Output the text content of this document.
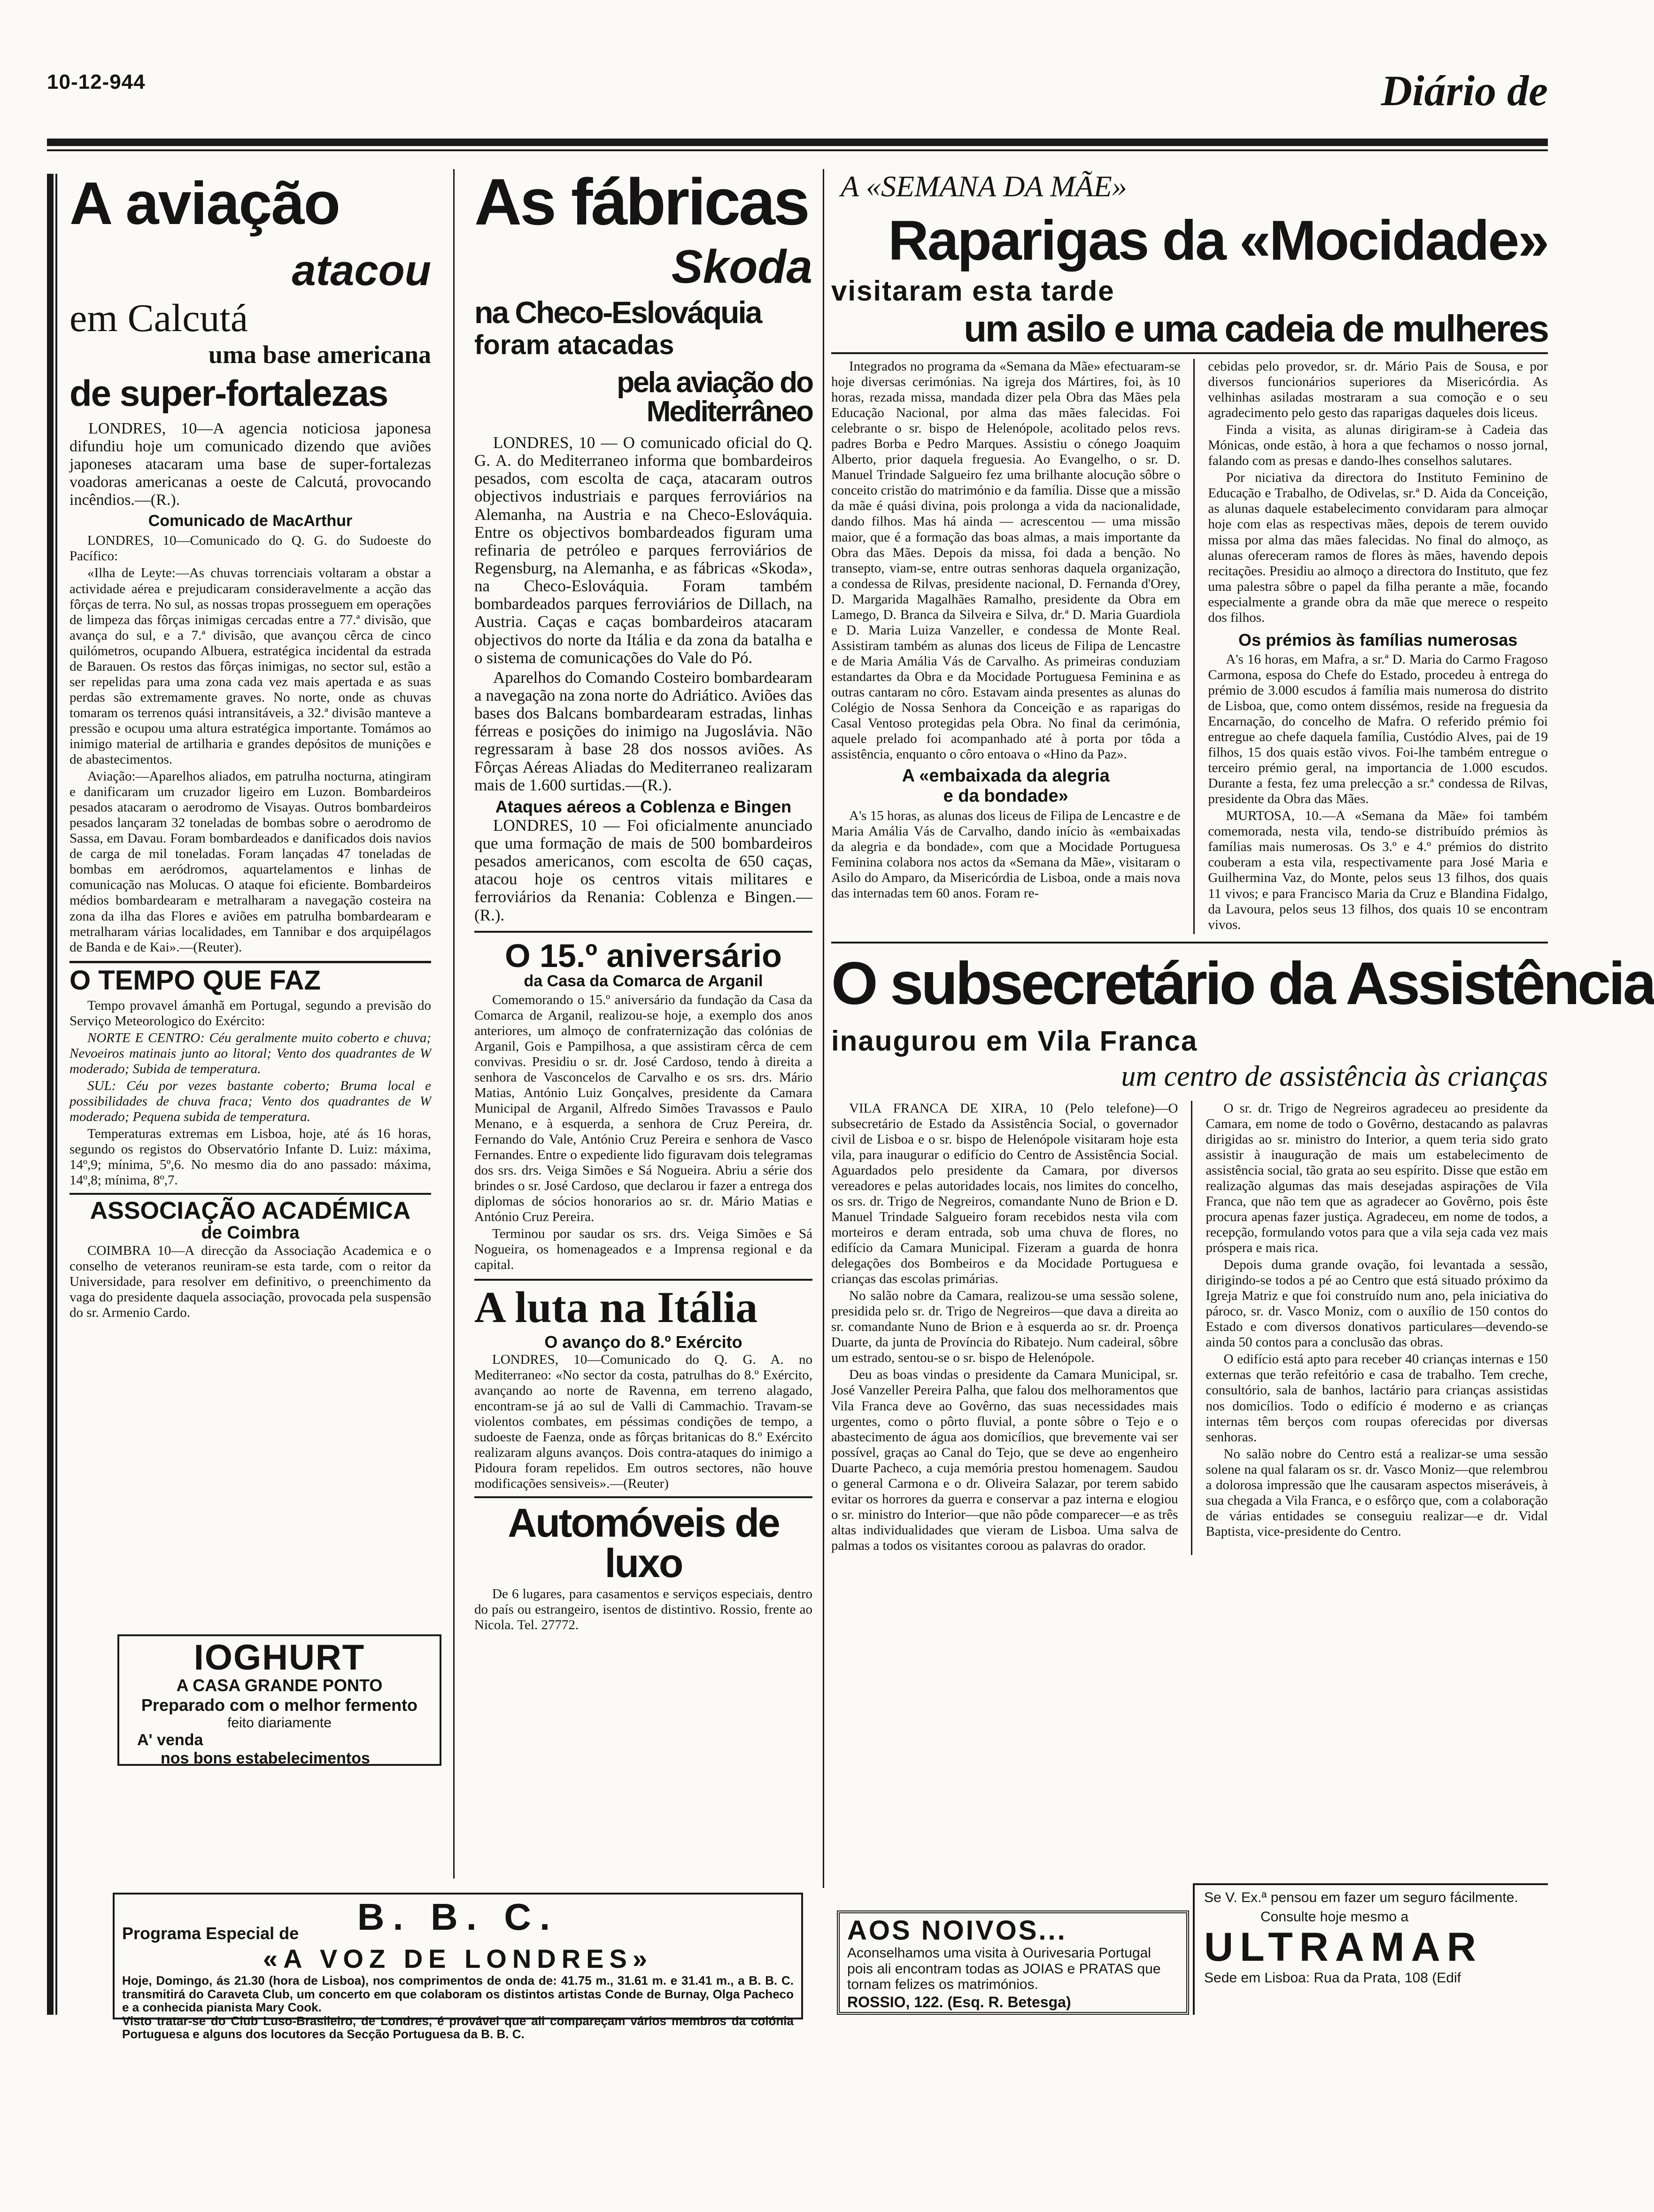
10-12-944	Diário de
A aviação
atacou
em Calcutá
uma base americana
de super-fortalezas

LONDRES, 10—A agencia noticiosa japonesa difundiu hoje um comunicado dizendo que aviões japoneses atacaram uma base de super-fortalezas voadoras americanas a oeste de Calcutá, provocando incêndios.—(R.).

Comunicado de MacArthur

LONDRES, 10—Comunicado do Q. G. do Sudoeste do Pacífico:

«Ilha de Leyte:—As chuvas torrenciais voltaram a obstar a actividade aérea e prejudicaram consideravelmente a acção das fôrças de terra. No sul, as nossas tropas prosseguem em operações de limpeza das fôrças inimigas cercadas entre a 77.ª divisão, que avança do sul, e a 7.ª divisão, que avançou cêrca de cinco quilómetros, ocupando Albuera, estratégica incidental da estrada de Barauen. Os restos das fôrças inimigas, no sector sul, estão a ser repelidas para uma zona cada vez mais apertada e as suas perdas são extremamente graves. No norte, onde as chuvas tomaram os terrenos quási intransitáveis, a 32.ª divisão manteve a pressão e ocupou uma altura estratégica importante. Tomámos ao inimigo material de artilharia e grandes depósitos de munições e de abastecimentos.

Aviação:—Aparelhos aliados, em patrulha nocturna, atingiram e danificaram um cruzador ligeiro em Luzon. Bombardeiros pesados atacaram o aerodromo de Visayas. Outros bombardeiros pesados lançaram 32 toneladas de bombas sobre o aerodromo de Sassa, em Davau. Foram bombardeados e danificados dois navios de carga de mil toneladas. Foram lançadas 47 toneladas de bombas em aeródromos, aquartelamentos e linhas de comunicação nas Molucas. O ataque foi eficiente. Bombardeiros médios bombardearam e metralharam a navegação costeira na zona da ilha das Flores e aviões em patrulha bombardearam e metralharam várias localidades, em Tannibar e dos arquipélagos de Banda e de Kai».—(Reuter).

O TEMPO QUE FAZ

Tempo provavel ámanhã em Portugal, segundo a previsão do Serviço Meteorologico do Exército:

NORTE E CENTRO: Céu geralmente muito coberto e chuva; Nevoeiros matinais junto ao litoral; Vento dos quadrantes de W moderado; Subida de temperatura.

SUL: Céu por vezes bastante coberto; Bruma local e possibilidades de chuva fraca; Vento dos quadrantes de W moderado; Pequena subida de temperatura.

Temperaturas extremas em Lisboa, hoje, até ás 16 horas, segundo os registos do Observatório Infante D. Luiz: máxima, 14º,9; mínima, 5º,6. No mesmo dia do ano passado: máxima, 14º,8; mínima, 8º,7.

ASSOCIAÇÃO ACADÉMICA
de Coimbra

COIMBRA 10—A direcção da Associação Academica e o conselho de veteranos reuniram-se esta tarde, com o reitor da Universidade, para resolver em definitivo, o preenchimento da vaga do presidente daquela associação, provocada pela suspensão do sr. Armenio Cardo.

IOGHURT
A CASA GRANDE PONTO
Preparado com o melhor fermento
feito diariamente
A' venda
nos bons estabelecimentos
As fábricas
Skoda
na Checo-Eslováquia
foram atacadas
pela aviação do Mediterrâneo

LONDRES, 10 — O comunicado oficial do Q. G. A. do Mediterraneo informa que bombardeiros pesados, com escolta de caça, atacaram outros objectivos industriais e parques ferroviários na Alemanha, na Austria e na Checo-Eslováquia. Entre os objectivos bombardeados figuram uma refinaria de petróleo e parques ferroviários de Regensburg, na Alemanha, e as fábricas «Skoda», na Checo-Eslováquia. Foram também bombardeados parques ferroviários de Dillach, na Austria. Caças e caças bombardeiros atacaram objectivos do norte da Itália e da zona da batalha e o sistema de comunicações do Vale do Pó.

Aparelhos do Comando Costeiro bombardearam a navegação na zona norte do Adriático. Aviões das bases dos Balcans bombardearam estradas, linhas férreas e posições do inimigo na Jugoslávia. Não regressaram à base 28 dos nossos aviões. As Fôrças Aéreas Aliadas do Mediterraneo realizaram mais de 1.600 surtidas.—(R.).

Ataques aéreos a Coblenza e Bingen

LONDRES, 10 — Foi oficialmente anunciado que uma formação de mais de 500 bombardeiros pesados americanos, com escolta de 650 caças, atacou hoje os centros vitais militares e ferroviários da Renania: Coblenza e Bingen.—(R.).

O 15.º aniversário
da Casa da Comarca de Arganil

Comemorando o 15.º aniversário da fundação da Casa da Comarca de Arganil, realizou-se hoje, a exemplo dos anos anteriores, um almoço de confraternização das colónias de Arganil, Gois e Pampilhosa, a que assistiram cêrca de cem convivas. Presidiu o sr. dr. José Cardoso, tendo à direita a senhora de Vasconcelos de Carvalho e os srs. drs. Mário Matias, António Luiz Gonçalves, presidente da Camara Municipal de Arganil, Alfredo Simões Travassos e Paulo Menano, e à esquerda, a senhora de Cruz Pereira, dr. Fernando do Vale, António Cruz Pereira e senhora de Vasco Fernandes. Entre o expediente lido figuravam dois telegramas dos srs. drs. Veiga Simões e Sá Nogueira. Abriu a série dos brindes o sr. José Cardoso, que declarou ir fazer a entrega dos diplomas de sócios honorarios ao sr. dr. Mário Matias e António Cruz Pereira.

Terminou por saudar os srs. drs. Veiga Simões e Sá Nogueira, os homenageados e a Imprensa regional e da capital.

A luta na Itália
O avanço do 8.º Exército

LONDRES, 10—Comunicado do Q. G. A. no Mediterraneo: «No sector da costa, patrulhas do 8.º Exército, avançando ao norte de Ravenna, em terreno alagado, encontram-se já ao sul de Valli di Cammachio. Travam-se violentos combates, em péssimas condições de tempo, a sudoeste de Faenza, onde as fôrças britanicas do 8.º Exército realizaram alguns avanços. Dois contra-ataques do inimigo a Pidoura foram repelidos. Em outros sectores, não houve modificações sensiveis».—(Reuter)

Automóveis de luxo

De 6 lugares, para casamentos e serviços especiais, dentro do país ou estrangeiro, isentos de distintivo. Rossio, frente ao Nicola. Tel. 27772.

A «SEMANA DA MÃE»
Raparigas da «Mocidade»
visitaram esta tarde
um asilo e uma cadeia de mulheres

Integrados no programa da «Semana da Mãe» efectuaram-se hoje diversas cerimónias. Na igreja dos Mártires, foi, às 10 horas, rezada missa, mandada dizer pela Obra das Mães pela Educação Nacional, por alma das mães falecidas. Foi celebrante o sr. bispo de Helenópole, acolitado pelos revs. padres Borba e Pedro Marques. Assistiu o cónego Joaquim Alberto, prior daquela freguesia. Ao Evangelho, o sr. D. Manuel Trindade Salgueiro fez uma brilhante alocução sôbre o conceito cristão do matrimónio e da família. Disse que a missão da mãe é quási divina, pois prolonga a vida da nacionalidade, dando filhos. Mas há ainda — acrescentou — uma missão maior, que é a formação das boas almas, a mais importante da Obra das Mães. Depois da missa, foi dada a benção. No transepto, viam-se, entre outras senhoras daquela organização, a condessa de Rilvas, presidente nacional, D. Fernanda d'Orey, D. Margarida Magalhães Ramalho, presidente da Obra em Lamego, D. Branca da Silveira e Silva, dr.ª D. Maria Guardiola e D. Maria Luiza Vanzeller, e condessa de Monte Real. Assistiram também as alunas dos liceus de Filipa de Lencastre e de Maria Amália Vás de Carvalho. As primeiras conduziam estandartes da Obra e da Mocidade Portuguesa Feminina e as outras cantaram no côro. Estavam ainda presentes as alunas do Colégio de Nossa Senhora da Conceição e as raparigas do Casal Ventoso protegidas pela Obra. No final da cerimónia, aquele prelado foi acompanhado até à porta por tôda a assistência, enquanto o côro entoava o «Hino da Paz».

A «embaixada da alegria
e da bondade»

A's 15 horas, as alunas dos liceus de Filipa de Lencastre e de Maria Amália Vás de Carvalho, dando início às «embaixadas da alegria e da bondade», com que a Mocidade Portuguesa Feminina colabora nos actos da «Semana da Mãe», visitaram o Asilo do Amparo, da Misericórdia de Lisboa, onde a mais nova das internadas tem 60 anos. Foram re-

cebidas pelo provedor, sr. dr. Mário Pais de Sousa, e por diversos funcionários superiores da Misericórdia. As velhinhas asiladas mostraram a sua comoção e o seu agradecimento pelo gesto das raparigas daqueles dois liceus.

Finda a visita, as alunas dirigiram-se à Cadeia das Mónicas, onde estão, à hora a que fechamos o nosso jornal, falando com as presas e dando-lhes conselhos salutares.

Por niciativa da directora do Instituto Feminino de Educação e Trabalho, de Odivelas, sr.ª D. Aida da Conceição, as alunas daquele estabelecimento convidaram para almoçar hoje com elas as respectivas mães, depois de terem ouvido missa por alma das mães falecidas. No final do almoço, as alunas ofereceram ramos de flores às mães, havendo depois recitações. Presidiu ao almoço a directora do Instituto, que fez uma palestra sôbre o papel da filha perante a mãe, focando especialmente a grande obra da mãe que merece o respeito dos filhos.

Os prémios às famílias numerosas

A's 16 horas, em Mafra, a sr.ª D. Maria do Carmo Fragoso Carmona, esposa do Chefe do Estado, procedeu à entrega do prémio de 3.000 escudos á família mais numerosa do distrito de Lisboa, que, como ontem dissémos, reside na freguesia da Encarnação, do concelho de Mafra. O referido prémio foi entregue ao chefe daquela família, Custódio Alves, pai de 19 filhos, 15 dos quais estão vivos. Foi-lhe também entregue o terceiro prémio geral, na importancia de 1.000 escudos. Durante a festa, fez uma prelecção a sr.ª condessa de Rilvas, presidente da Obra das Mães.

MURTOSA, 10.—A «Semana da Mãe» foi também comemorada, nesta vila, tendo-se distribuído prémios às famílias mais numerosas. Os 3.º e 4.º prémios do distrito couberam a esta vila, respectivamente para José Maria e Guilhermina Vaz, do Monte, pelos seus 13 filhos, dos quais 11 vivos; e para Francisco Maria da Cruz e Blandina Fidalgo, da Lavoura, pelos seus 13 filhos, dos quais 10 se encontram vivos.

O subsecretário da Assistência
inaugurou em Vila Franca
um centro de assistência às crianças

VILA FRANCA DE XIRA, 10 (Pelo telefone)—O subsecretário de Estado da Assistência Social, o governador civil de Lisboa e o sr. bispo de Helenópole visitaram hoje esta vila, para inaugurar o edifício do Centro de Assistência Social. Aguardados pelo presidente da Camara, por diversos vereadores e pelas autoridades locais, nos limites do concelho, os srs. dr. Trigo de Negreiros, comandante Nuno de Brion e D. Manuel Trindade Salgueiro foram recebidos nesta vila com morteiros e deram entrada, sob uma chuva de flores, no edifício da Camara Municipal. Fizeram a guarda de honra delegações dos Bombeiros e da Mocidade Portuguesa e crianças das escolas primárias.

No salão nobre da Camara, realizou-se uma sessão solene, presidida pelo sr. dr. Trigo de Negreiros—que dava a direita ao sr. comandante Nuno de Brion e à esquerda ao sr. dr. Proença Duarte, da junta de Província do Ribatejo. Num cadeiral, sôbre um estrado, sentou-se o sr. bispo de Helenópole.

Deu as boas vindas o presidente da Camara Municipal, sr. José Vanzeller Pereira Palha, que falou dos melhoramentos que Vila Franca deve ao Govêrno, das suas necessidades mais urgentes, como o pôrto fluvial, a ponte sôbre o Tejo e o abastecimento de água aos domicílios, que brevemente vai ser possível, graças ao Canal do Tejo, que se deve ao engenheiro Duarte Pacheco, a cuja memória prestou homenagem. Saudou o general Carmona e o dr. Oliveira Salazar, por terem sabido evitar os horrores da guerra e conservar a paz interna e elogiou o sr. ministro do Interior—que não pôde comparecer—e as três altas individualidades que vieram de Lisboa. Uma salva de palmas a todos os visitantes coroou as palavras do orador.

O sr. dr. Trigo de Negreiros agradeceu ao presidente da Camara, em nome de todo o Govêrno, destacando as palavras dirigidas ao sr. ministro do Interior, a quem teria sido grato assistir à inauguração de mais um estabelecimento de assistência social, tão grata ao seu espírito. Disse que estão em realização algumas das mais desejadas aspirações de Vila Franca, que não tem que as agradecer ao Govêrno, pois êste procura apenas fazer justiça. Agradeceu, em nome de todos, a recepção, formulando votos para que a vila seja cada vez mais próspera e mais rica.

Depois duma grande ovação, foi levantada a sessão, dirigindo-se todos a pé ao Centro que está situado próximo da Igreja Matriz e que foi construído num ano, pela iniciativa do pároco, sr. dr. Vasco Moniz, com o auxílio de 150 contos do Estado e com diversos donativos particulares—devendo-se ainda 50 contos para a conclusão das obras.

O edifício está apto para receber 40 crianças internas e 150 externas que terão refeitório e casa de trabalho. Tem creche, consultório, sala de banhos, lactário para crianças assistidas nos domicílios. Todo o edifício é moderno e as crianças internas têm berços com roupas oferecidas por diversas senhoras.

No salão nobre do Centro está a realizar-se uma sessão solene na qual falaram os sr. dr. Vasco Moniz—que relembrou a dolorosa impressão que lhe causaram aspectos miseráveis, à sua chegada a Vila Franca, e o esfôrço que, com a colaboração de várias entidades se conseguiu realizar—e dr. Vidal Baptista, vice-presidente do Centro.

B. B. C.
Programa Especial de
«A VOZ DE LONDRES»
Hoje, Domingo, ás 21.30 (hora de Lisboa), nos comprimentos de onda de: 41.75 m., 31.61 m. e 31.41 m., a B. B. C. transmitirá do Caraveta Club, um concerto em que colaboram os distintos artistas Conde de Burnay, Olga Pacheco e a conhecida pianista Mary Cook.
Visto tratar-se do Club Luso-Brasileiro, de Londres, é provável que ali compareçam vários membros da colónia Portuguesa e alguns dos locutores da Secção Portuguesa da B. B. C.
AOS NOIVOS...
Aconselhamos uma visita à Ourivesaria Portugal pois ali encontram todas as JOIAS e PRATAS que tornam felizes os matrimónios.
ROSSIO, 122. (Esq. R. Betesga)
Se V. Ex.ª pensou em fazer um seguro fácilmente.
Consulte hoje mesmo a
ULTRAMAR
Sede em Lisboa: Rua da Prata, 108 (Edif
